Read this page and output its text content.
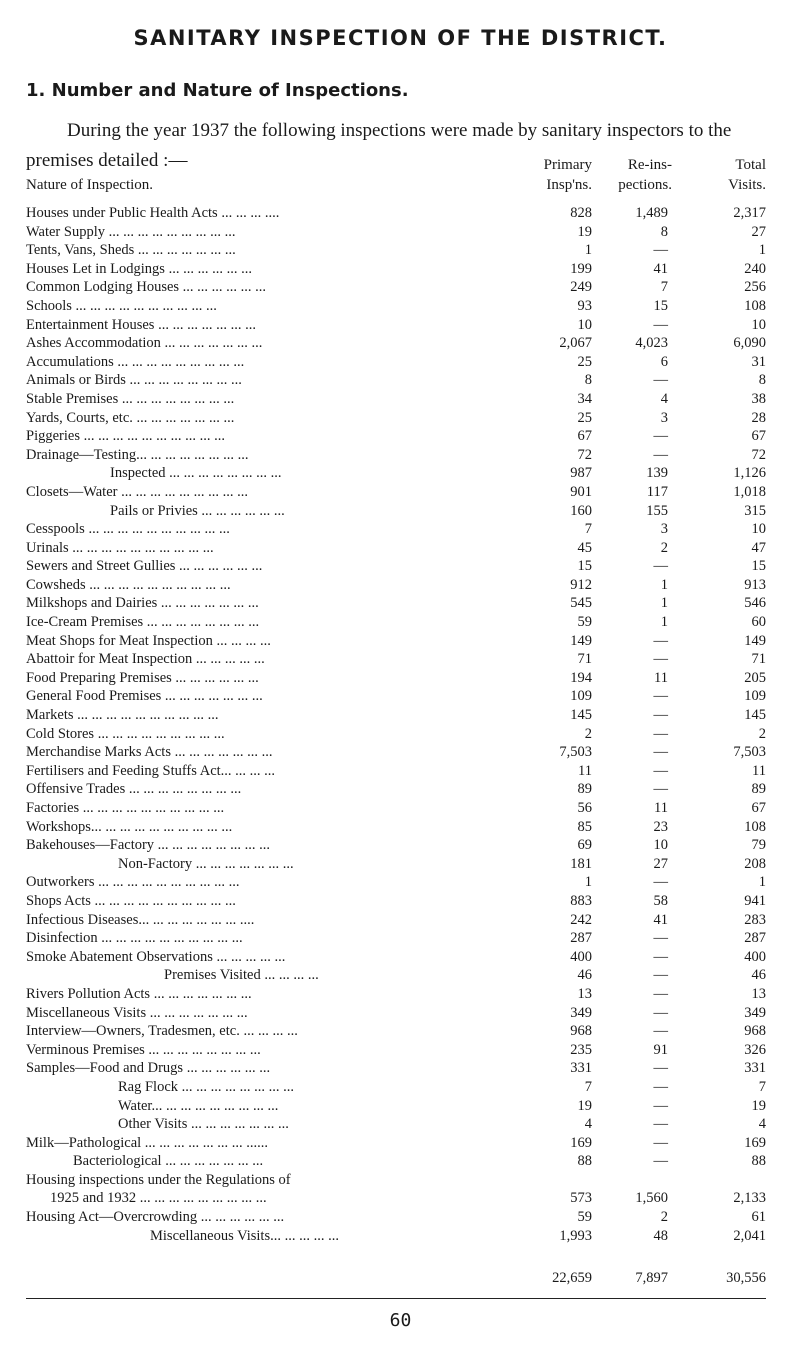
SANITARY INSPECTION OF THE DISTRICT.
1. Number and Nature of Inspections.
During the year 1937 the following inspections were made by sanitary inspectors to the premises detailed :—
Nature of Inspection.
Primary
Insp'ns.
Re-ins-
pections.
Total
Visits.
Houses under Public Health Acts ... ... ... ....	828	1,489	2,317
Water Supply ... ... ... ... ... ... ... ... ...	19	8	27
Tents, Vans, Sheds ... ... ... ... ... ... ...	1	—	1
Houses Let in Lodgings ... ... ... ... ... ...	199	41	240
Common Lodging Houses ... ... ... ... ... ...	249	7	256
Schools ... ... ... ... ... ... ... ... ... ...	93	15	108
Entertainment Houses ... ... ... ... ... ... ...	10	—	10
Ashes Accommodation ... ... ... ... ... ... ...	2,067	4,023	6,090
Accumulations ... ... ... ... ... ... ... ... ...	25	6	31
Animals or Birds ... ... ... ... ... ... ... ...	8	—	8
Stable Premises ... ... ... ... ... ... ... ...	34	4	38
Yards, Courts, etc. ... ... ... ... ... ... ...	25	3	28
Piggeries ... ... ... ... ... ... ... ... ... ...	67	—	67
Drainage—Testing... ... ... ... ... ... ... ...	72	—	72
Inspected ... ... ... ... ... ... ... ...	987	139	1,126
Closets—Water ... ... ... ... ... ... ... ... ...	901	117	1,018
Pails or Privies ... ... ... ... ... ...	160	155	315
Cesspools ... ... ... ... ... ... ... ... ... ...	7	3	10
Urinals ... ... ... ... ... ... ... ... ... ...	45	2	47
Sewers and Street Gullies ... ... ... ... ... ...	15	—	15
Cowsheds ... ... ... ... ... ... ... ... ... ...	912	1	913
Milkshops and Dairies ... ... ... ... ... ... ...	545	1	546
Ice-Cream Premises ... ... ... ... ... ... ... ...	59	1	60
Meat Shops for Meat Inspection ... ... ... ...	149	—	149
Abattoir for Meat Inspection ... ... ... ... ...	71	—	71
Food Preparing Premises ... ... ... ... ... ...	194	11	205
General Food Premises ... ... ... ... ... ... ...	109	—	109
Markets ... ... ... ... ... ... ... ... ... ...	145	—	145
Cold Stores ... ... ... ... ... ... ... ... ...	2	—	2
Merchandise Marks Acts ... ... ... ... ... ... ...	7,503	—	7,503
Fertilisers and Feeding Stuffs Act... ... ... ...	11	—	11
Offensive Trades ... ... ... ... ... ... ... ...	89	—	89
Factories ... ... ... ... ... ... ... ... ... ...	56	11	67
Workshops... ... ... ... ... ... ... ... ... ...	85	23	108
Bakehouses—Factory ... ... ... ... ... ... ... ...	69	10	79
Non-Factory ... ... ... ... ... ... ...	181	27	208
Outworkers ... ... ... ... ... ... ... ... ... ...	1	—	1
Shops Acts ... ... ... ... ... ... ... ... ... ...	883	58	941
Infectious Diseases... ... ... ... ... ... ... ....	242	41	283
Disinfection ... ... ... ... ... ... ... ... ... ...	287	—	287
Smoke Abatement Observations ... ... ... ... ...	400	—	400
Premises Visited ... ... ... ...	46	—	46
Rivers Pollution Acts ... ... ... ... ... ... ...	13	—	13
Miscellaneous Visits ... ... ... ... ... ... ...	349	—	349
Interview—Owners, Tradesmen, etc. ... ... ... ...	968	—	968
Verminous Premises ... ... ... ... ... ... ... ...	235	91	326
Samples—Food and Drugs ... ... ... ... ... ...	331	—	331
Rag Flock ... ... ... ... ... ... ... ...	7	—	7
Water... ... ... ... ... ... ... ... ...	19	—	19
Other Visits ... ... ... ... ... ... ...	4	—	4
Milk—Pathological ... ... ... ... ... ... ... ......	169	—	169
Bacteriological ... ... ... ... ... ... ...	88	—	88
Housing inspections under the Regulations of
1925 and 1932 ... ... ... ... ... ... ... ... ...	573	1,560	2,133
Housing Act—Overcrowding ... ... ... ... ... ...	59	2	61
Miscellaneous Visits... ... ... ... ...	1,993	48	2,041
22,659	7,897	30,556
60
